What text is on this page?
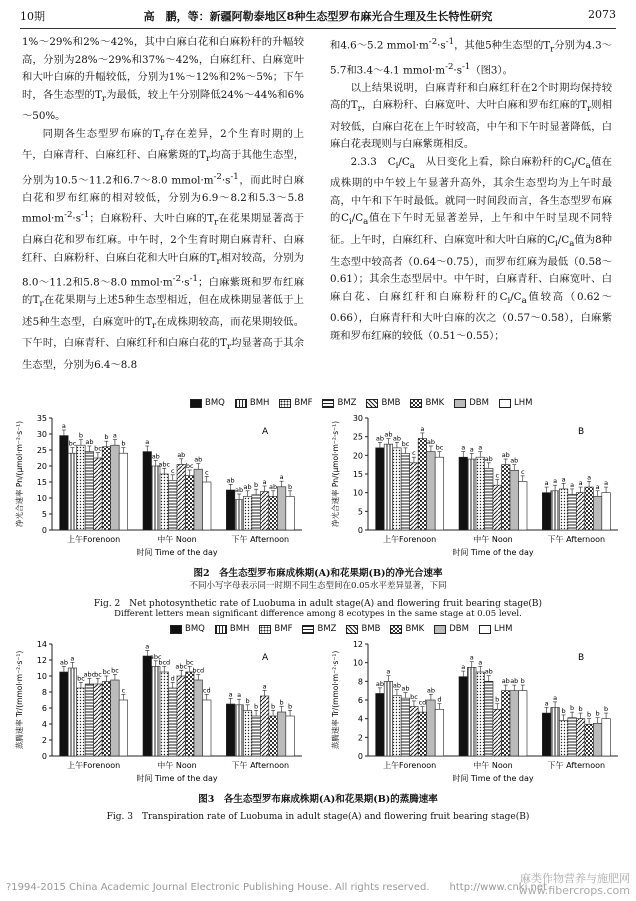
10期	高　鹏，等：新疆阿勒泰地区8种生态型罗布麻光合生理及生长特性研究	2073

1%～29%和2%～42%，其中白麻白花和白麻粉秆的升幅较高，分别为28%～29%和37%～42%，白麻红秆、白麻宽叶和大叶白麻的升幅较低，分别为1%～12%和2%～5%；下午时，各生态型的$T_r$为最低，较上午分别降低24%～44%和6%～50%。

同期各生态型罗布麻的$T_r$存在差异，2个生育时期的上午，白麻青秆、白麻红秆、白麻紫斑的$T_r$均高于其他生态型，分别为10.5～11.2和6.7～8.0 $mmol\cdot m^{-2}\cdot s^{-1}$，而此时白麻白花和罗布红麻的相对较低，分别为6.9～8.2和5.3～5.8 $mmol\cdot m^{-2}\cdot s^{-1}$；白麻粉秆、大叶白麻的$T_r$在花果期显著高于白麻白花和罗布红麻。中午时，2个生育时期白麻青秆、白麻红秆、白麻粉秆、白麻白花和大叶白麻的$T_r$相对较高，分别为8.0～11.2和5.8～8.0 $mmol\cdot m^{-2}\cdot s^{-1}$；白麻紫斑和罗布红麻的$T_r$在花果期与上述5种生态型相近，但在成株期显著低于上述5种生态型，白麻宽叶的$T_r$在成株期较高，而花果期较低。下午时，白麻青秆、白麻红秆和白麻白花的$T_r$均显著高于其余生态型，分别为6.4～8.8

和4.6～5.2 $mmol\cdot m^{-2}\cdot s^{-1}$，其他5种生态型的$T_r$分别为4.3～5.7和3.4～4.1 $mmol\cdot m^{-2}\cdot s^{-1}$（图3）。

以上结果说明，白麻青秆和白麻红秆在2个时期均保持较高的$T_r$，白麻粉秆、白麻宽叶、大叶白麻和罗布红麻的$T_r$则相对较低，白麻白花在上午时较高，中午和下午时显著降低，白麻白花表现则与白麻紫斑相反。

2.3.3　$C_i/C_a$　从日变化上看，除白麻粉秆的$C_i/C_a$值在成株期的中午较上午显著升高外，其余生态型均为上午时最高，中午和下午时最低。就同一时间段而言，各生态型罗布麻的$C_i/C_a$值在下午时无显著差异，上午和中午时呈现不同特征。上午时，白麻红秆、白麻宽叶和大叶白麻的$C_i/C_a$值为8种生态型中较高者（0.64～0.75），而罗布红麻为最低（0.58～0.61）；其余生态型居中。中午时，白麻青秆、白麻宽叶、白麻白花、白麻红秆和白麻粉秆的$C_i/C_a$值较高（0.62～0.66），白麻青秆和大叶白麻的次之（0.57～0.58），白麻紫斑和罗布红麻的较低（0.51～0.55）；

BMQ	BMH	BMF	BMZ	BMB	BMK	DBM	LHM
0
5
10
15
20
25
30
35
A
净光合速率 Pn/(μmol·m⁻²·s⁻¹)	a
bc
b
ab
bc
b a
b
上午Forenoon
a
ab
abc
c
ab
bc
ab
c
中午 Noon
ab
ab ab b a
ab
a
b
下午 Afternoon
时间 Time of the day
0
5
10
15
20
25
30
B
净光合速率 Pn/(μmol·m⁻²·s⁻¹)	ab ab ab
bc
c
a
ab
bc
上午Forenoon
a a a
ab
c
ab
ab
c
中午 Noon
a a a
a a
a
a a
下午 Afternoon
时间 Time of the day
图2　各生态型罗布麻成株期(A)和花果期(B)的净光合速率
不同小写字母表示同一时期不同生态型间在0.05水平差异显著，下同
Fig. 2　Net photosynthetic rate of Luobuma in adult stage(A) and flowering fruit bearing stage(B)
Different letters mean significant difference among 8 ecotypes in the same stage at 0.05 level.
BMQ	BMH	BMF	BMZ	BMB	BMK	DBM	LHM
0
2
4
6
8
10
12
14
A
蒸腾速率 Tr/(mmol·m⁻²·s⁻¹)	ab a
bc
abc
bc bc bc
c
上午Forenoon
a
abc
bcd
d
abc
bc
bcd
cd
中午 Noon
a a
b
b
a
b b b
下午 Afternoon
时间 Time of the day
0
2
4
6
8
10
12
B
蒸腾速率 Tr/(mmol·m⁻²·s⁻¹)	ab
a
ab ab
bc
cd
ab
d
上午Forenoon
a
a
a
ab
b
ab ab b
中午 Noon
a
a
b b b
b b
b
下午 Afternoon
时间 Time of the day
图3　各生态型罗布麻成株期(A)和花果期(B)的蒸腾速率
Fig. 3　Transpiration rate of Luobuma in adult stage(A) and flowering fruit bearing stage(B)
?1994-2015 China Academic Journal Electronic Publishing House. All rights reserved.　　http://www.cnki.net
麻类作物营养与施肥网
www.fibercrops.com
